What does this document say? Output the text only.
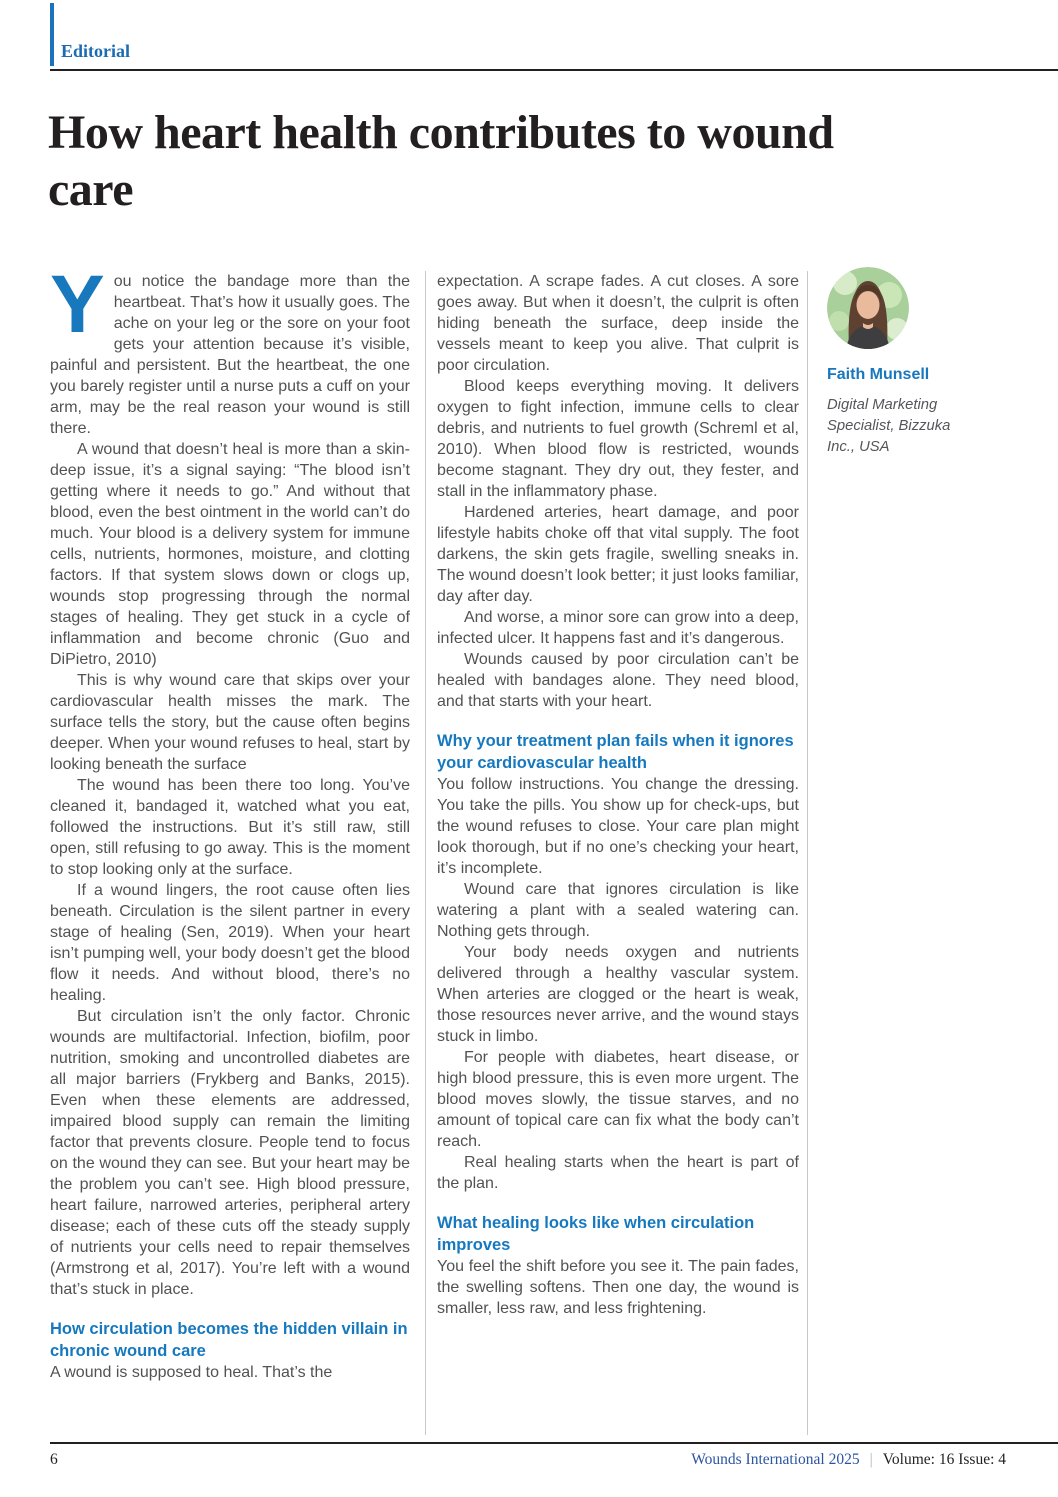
Editorial
How heart health contributes to wound care

You notice the bandage more than the heartbeat. That’s how it usually goes. The ache on your leg or the sore on your foot gets your attention because it’s visible, painful and persistent. But the heartbeat, the one you barely register until a nurse puts a cuff on your arm, may be the real reason your wound is still there.

A wound that doesn’t heal is more than a skin-deep issue, it’s a signal saying: “The blood isn’t getting where it needs to go.” And without that blood, even the best ointment in the world can’t do much. Your blood is a delivery system for immune cells, nutrients, hormones, moisture, and clotting factors. If that system slows down or clogs up, wounds stop progressing through the normal stages of healing. They get stuck in a cycle of inflammation and become chronic (Guo and DiPietro, 2010)

This is why wound care that skips over your cardiovascular health misses the mark. The surface tells the story, but the cause often begins deeper. When your wound refuses to heal, start by looking beneath the surface

The wound has been there too long. You’ve cleaned it, bandaged it, watched what you eat, followed the instructions. But it’s still raw, still open, still refusing to go away. This is the moment to stop looking only at the surface.

If a wound lingers, the root cause often lies beneath. Circulation is the silent partner in every stage of healing (Sen, 2019). When your heart isn’t pumping well, your body doesn’t get the blood flow it needs. And without blood, there’s no healing.

But circulation isn’t the only factor. Chronic wounds are multifactorial. Infection, biofilm, poor nutrition, smoking and uncontrolled diabetes are all major barriers (Frykberg and Banks, 2015). Even when these elements are addressed, impaired blood supply can remain the limiting factor that prevents closure. People tend to focus on the wound they can see. But your heart may be the problem you can’t see. High blood pressure, heart failure, narrowed arteries, peripheral artery disease; each of these cuts off the steady supply of nutrients your cells need to repair themselves (Armstrong et al, 2017). You’re left with a wound that’s stuck in place.

How circulation becomes the hidden villain in chronic wound care

A wound is supposed to heal. That’s the

expectation. A scrape fades. A cut closes. A sore goes away. But when it doesn’t, the culprit is often hiding beneath the surface, deep inside the vessels meant to keep you alive. That culprit is poor circulation.

Blood keeps everything moving. It delivers oxygen to fight infection, immune cells to clear debris, and nutrients to fuel growth (Schreml et al, 2010). When blood flow is restricted, wounds become stagnant. They dry out, they fester, and stall in the inflammatory phase.

Hardened arteries, heart damage, and poor lifestyle habits choke off that vital supply. The foot darkens, the skin gets fragile, swelling sneaks in. The wound doesn’t look better; it just looks familiar, day after day.

And worse, a minor sore can grow into a deep, infected ulcer. It happens fast and it’s dangerous.

Wounds caused by poor circulation can’t be healed with bandages alone. They need blood, and that starts with your heart.

Why your treatment plan fails when it ignores your cardiovascular health

You follow instructions. You change the dressing. You take the pills. You show up for check-ups, but the wound refuses to close. Your care plan might look thorough, but if no one’s checking your heart, it’s incomplete.

Wound care that ignores circulation is like watering a plant with a sealed watering can. Nothing gets through.

Your body needs oxygen and nutrients delivered through a healthy vascular system. When arteries are clogged or the heart is weak, those resources never arrive, and the wound stays stuck in limbo.

For people with diabetes, heart disease, or high blood pressure, this is even more urgent. The blood moves slowly, the tissue starves, and no amount of topical care can fix what the body can’t reach.

Real healing starts when the heart is part of the plan.

What healing looks like when circulation improves

You feel the shift before you see it. The pain fades, the swelling softens. Then one day, the wound is smaller, less raw, and less frightening.

Faith Munsell

Digital Marketing Specialist, Bizzuka Inc., USA

6	Wounds International 2025 | Volume: 16 Issue: 4
